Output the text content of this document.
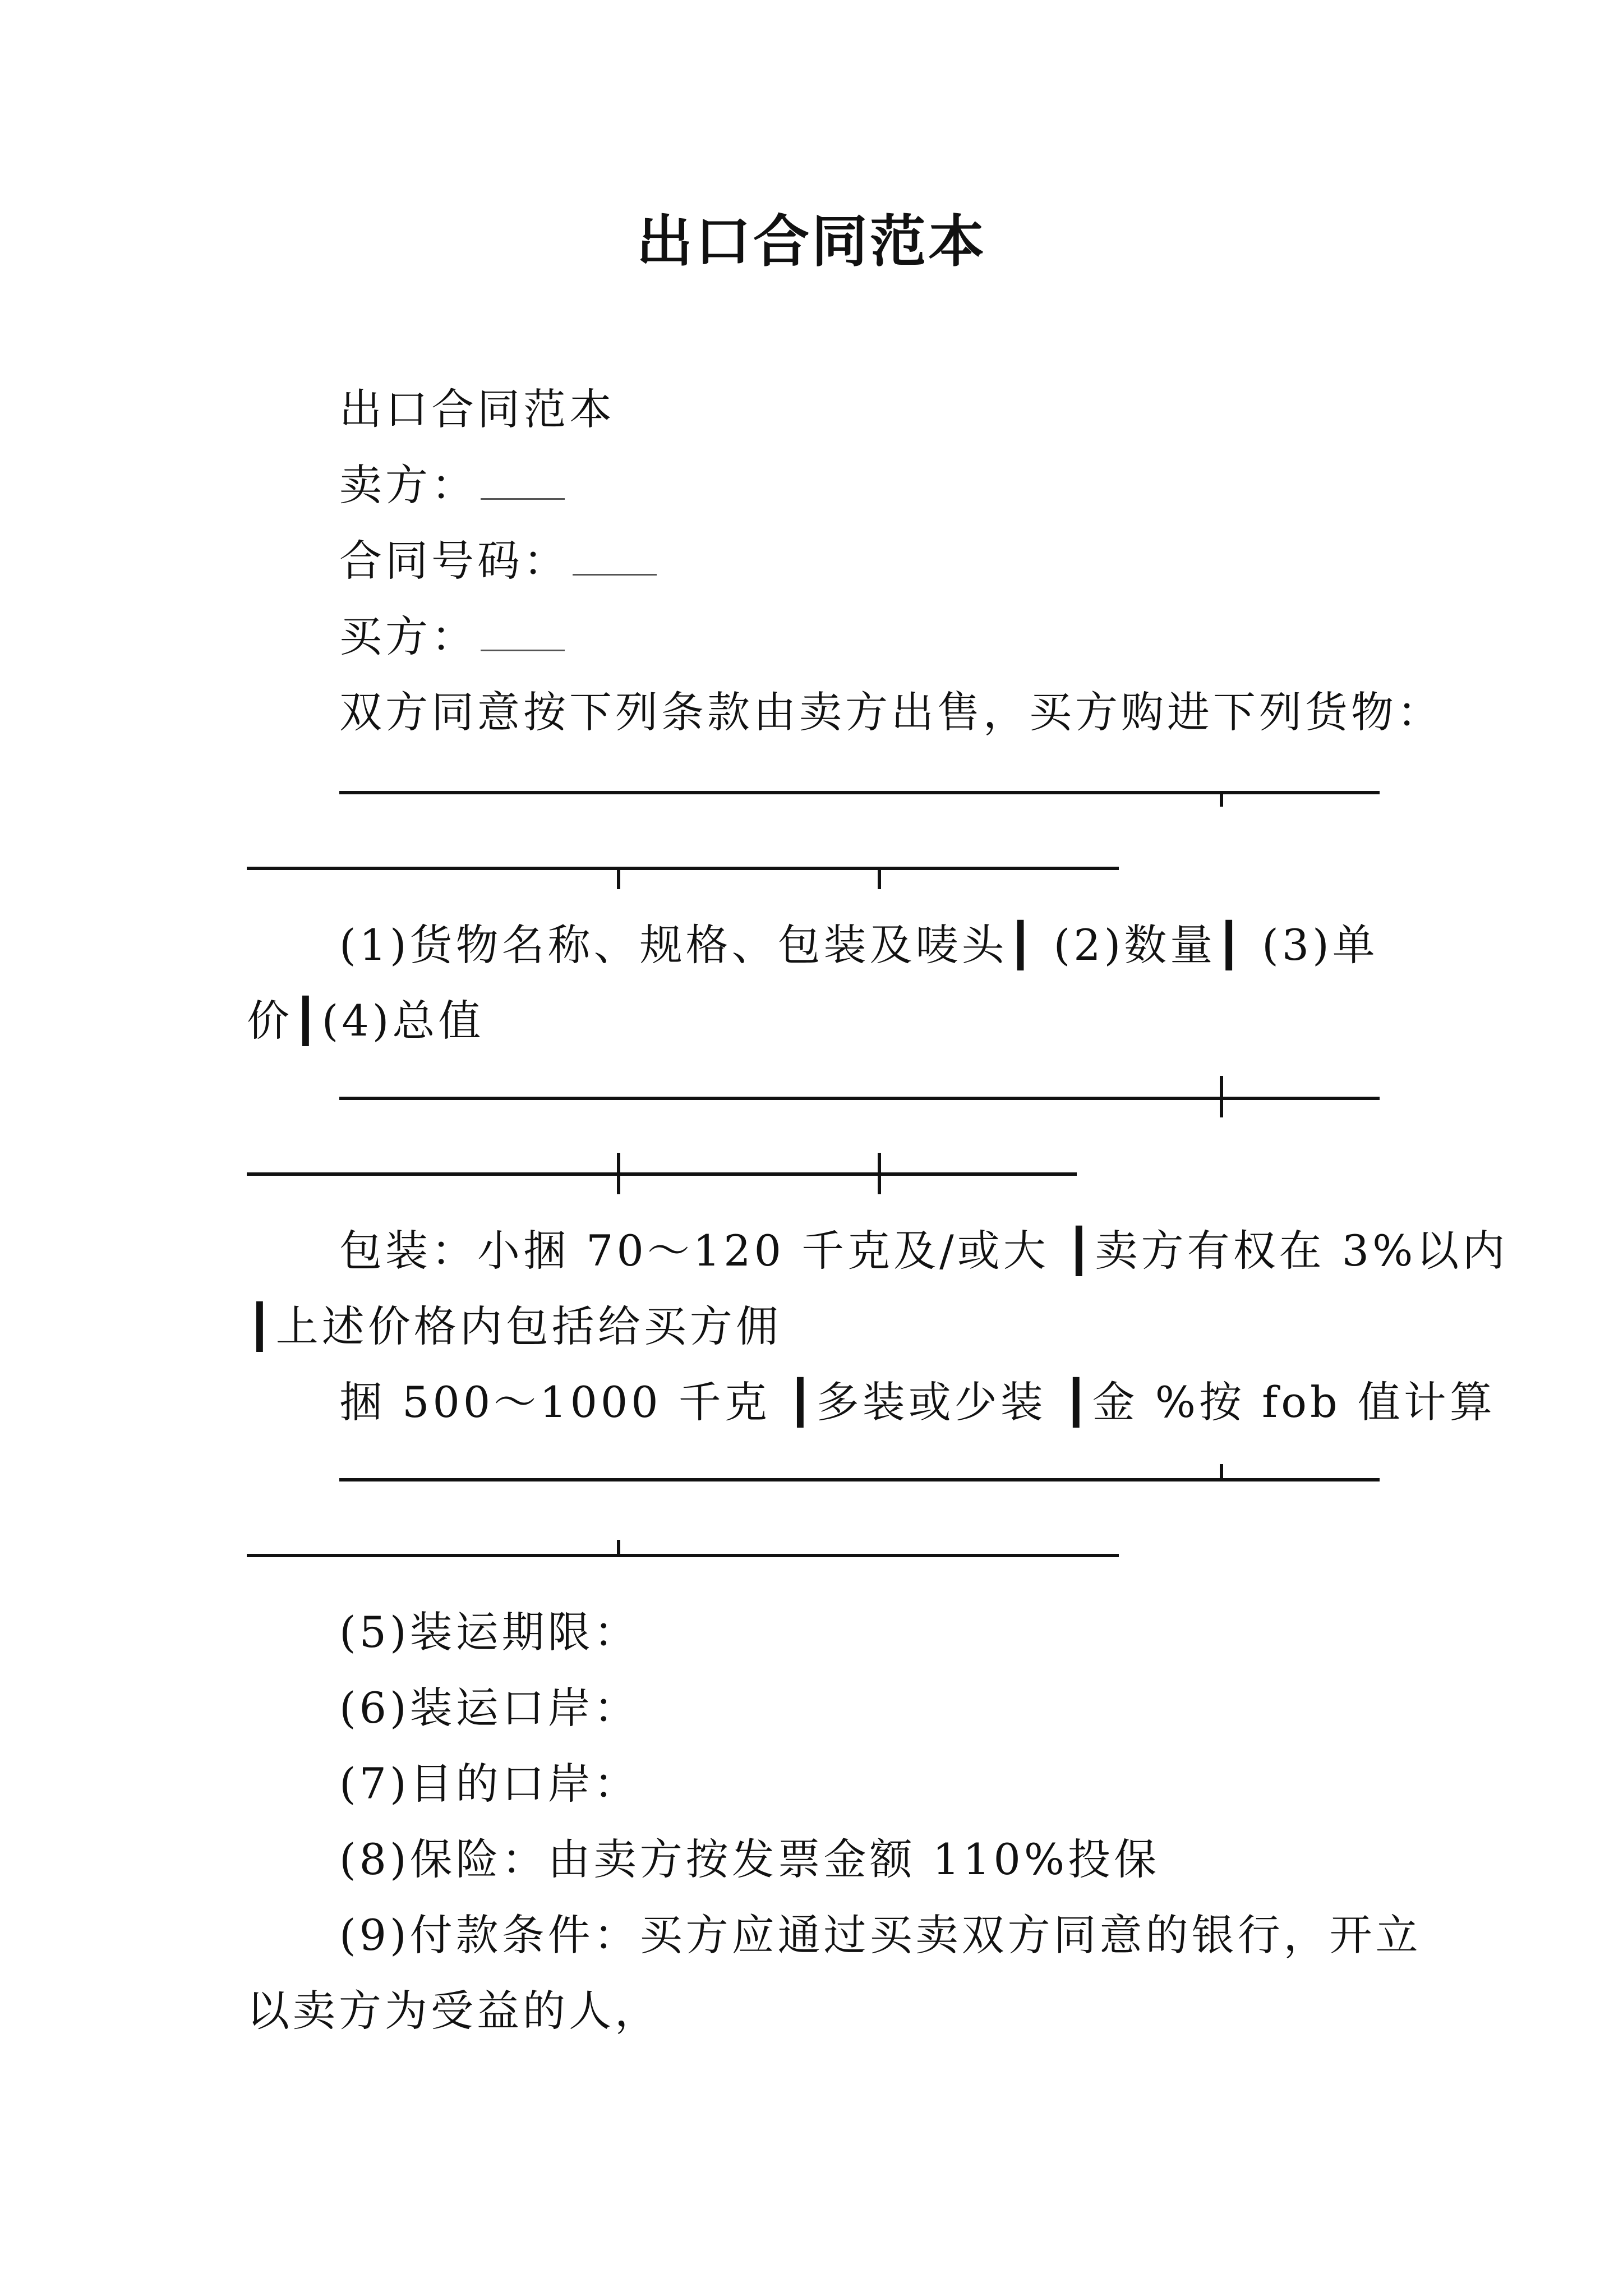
出口合同范本
出口合同范本
卖方：
合同号码：
买方：
双方同意按下列条款由卖方出售，买方购进下列货物：
(1)货物名称、规格、包装及唛头┃ (2)数量┃ (3)单
价┃(4)总值
包装：小捆 70～120 千克及/或大 ┃卖方有权在 3%以内
┃上述价格内包括给买方佣
捆 500～1000 千克 ┃多装或少装 ┃金 %按 fob 值计算
(5)装运期限：
(6)装运口岸：
(7)目的口岸：
(8)保险：由卖方按发票金额 110%投保
(9)付款条件：买方应通过买卖双方同意的银行，开立
以卖方为受益的人，
